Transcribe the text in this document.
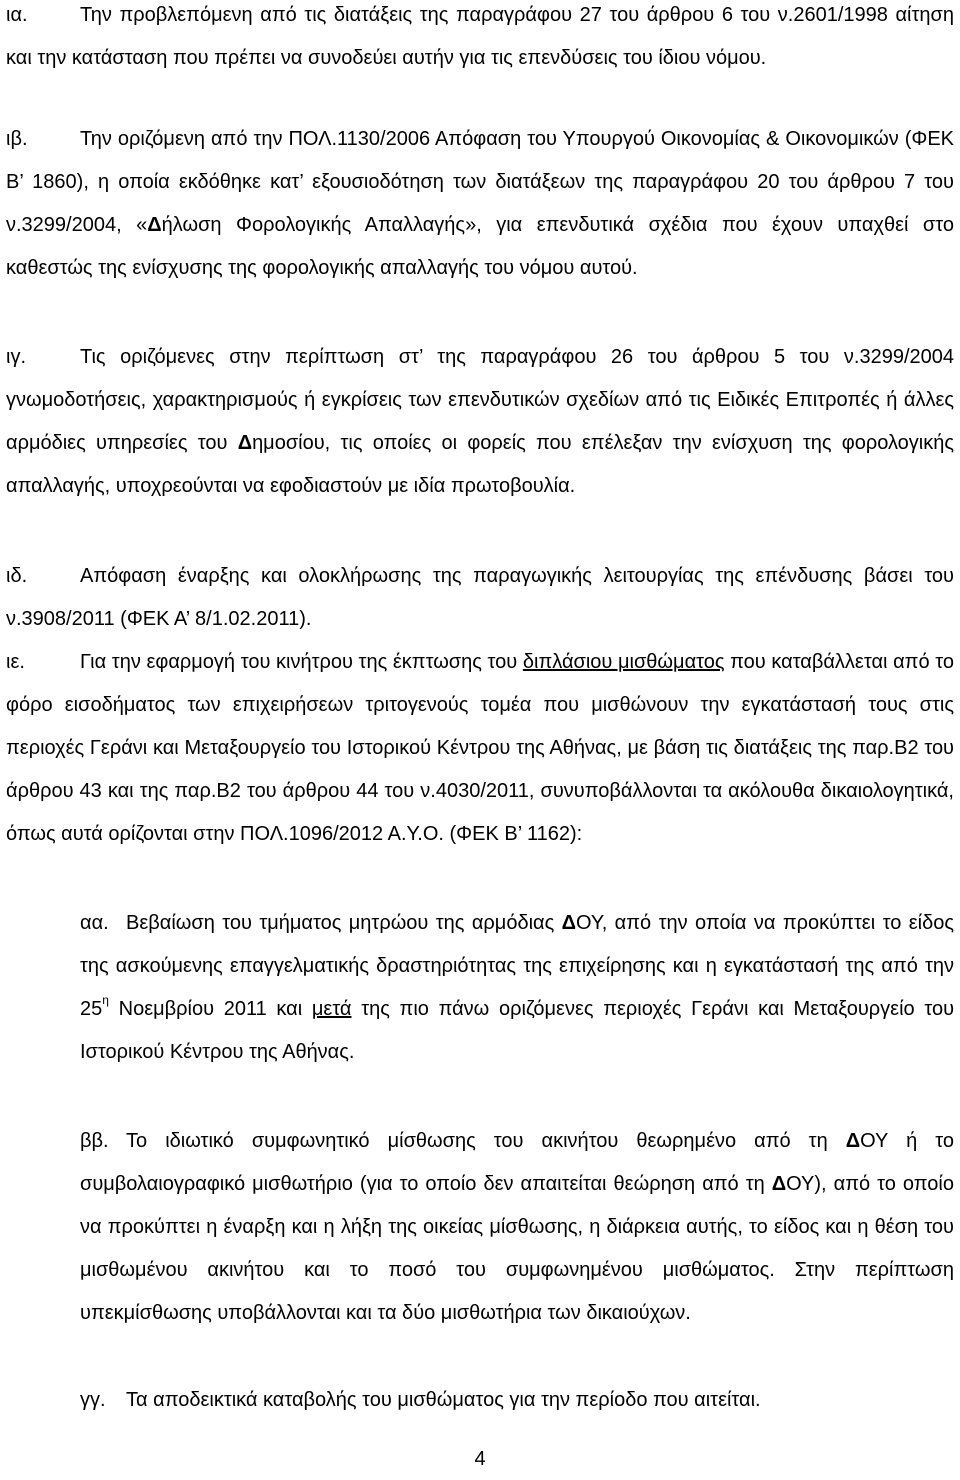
ια.	Την προβλεπόμενη από τις διατάξεις της παραγράφου 27 του άρθρου 6 του ν.2601/1998 αίτηση και την κατάσταση που πρέπει να συνοδεύει αυτήν για τις επενδύσεις του ίδιου νόμου.

ιβ.	Την οριζόμενη από την ΠΟΛ.1130/2006 Απόφαση του Υπουργού Οικονομίας & Οικονομικών (ΦΕΚ Β’ 1860), η οποία εκδόθηκε κατ’ εξουσιοδότηση των διατάξεων της παραγράφου 20 του άρθρου 7 του ν.3299/2004, «Δήλωση Φορολογικής Απαλλαγής», για επενδυτικά σχέδια που έχουν υπαχθεί στο καθεστώς της ενίσχυσης της φορολογικής απαλλαγής του νόμου αυτού.

ιγ.	Τις οριζόμενες στην περίπτωση στ’ της παραγράφου 26 του άρθρου 5 του ν.3299/2004 γνωμοδοτήσεις, χαρακτηρισμούς ή εγκρίσεις των επενδυτικών σχεδίων από τις Ειδικές Επιτροπές ή άλλες αρμόδιες υπηρεσίες του Δημοσίου, τις οποίες οι φορείς που επέλεξαν την ενίσχυση της φορολογικής απαλλαγής, υποχρεούνται να εφοδιαστούν με ιδία πρωτοβουλία.

ιδ.	Απόφαση έναρξης και ολοκλήρωσης της παραγωγικής λειτουργίας της επένδυσης βάσει του ν.3908/2011 (ΦΕΚ Α’ 8/1.02.2011).

ιε.	Για την εφαρμογή του κινήτρου της έκπτωσης του διπλάσιου μισθώματος που καταβάλλεται από το φόρο εισοδήματος των επιχειρήσεων τριτογενούς τομέα που μισθώνουν την εγκατάστασή τους στις περιοχές Γεράνι και Μεταξουργείο του Ιστορικού Κέντρου της Αθήνας, με βάση τις διατάξεις της παρ.Β2 του άρθρου 43 και της παρ.Β2 του άρθρου 44 του ν.4030/2011, συνυποβάλλονται τα ακόλουθα δικαιολογητικά, όπως αυτά ορίζονται στην ΠΟΛ.1096/2012 Α.Υ.Ο. (ΦΕΚ Β’ 1162):

αα. Βεβαίωση του τμήματος μητρώου της αρμόδιας ΔΟΥ, από την οποία να προκύπτει το είδος της ασκούμενης επαγγελματικής δραστηριότητας της επιχείρησης και η εγκατάστασή της από την $25^\eta$ Νοεμβρίου 2011 και μετά της πιο πάνω οριζόμενες περιοχές Γεράνι και Μεταξουργείο του Ιστορικού Κέντρου της Αθήνας.

ββ. Το ιδιωτικό συμφωνητικό μίσθωσης του ακινήτου θεωρημένο από τη ΔΟΥ ή το συμβολαιογραφικό μισθωτήριο (για το οποίο δεν απαιτείται θεώρηση από τη ΔΟΥ), από το οποίο να προκύπτει η έναρξη και η λήξη της οικείας μίσθωσης, η διάρκεια αυτής, το είδος και η θέση του μισθωμένου ακινήτου και το ποσό του συμφωνημένου μισθώματος. Στην περίπτωση υπεκμίσθωσης υποβάλλονται και τα δύο μισθωτήρια των δικαιούχων.

γγ. Τα αποδεικτικά καταβολής του μισθώματος για την περίοδο που αιτείται.

4
